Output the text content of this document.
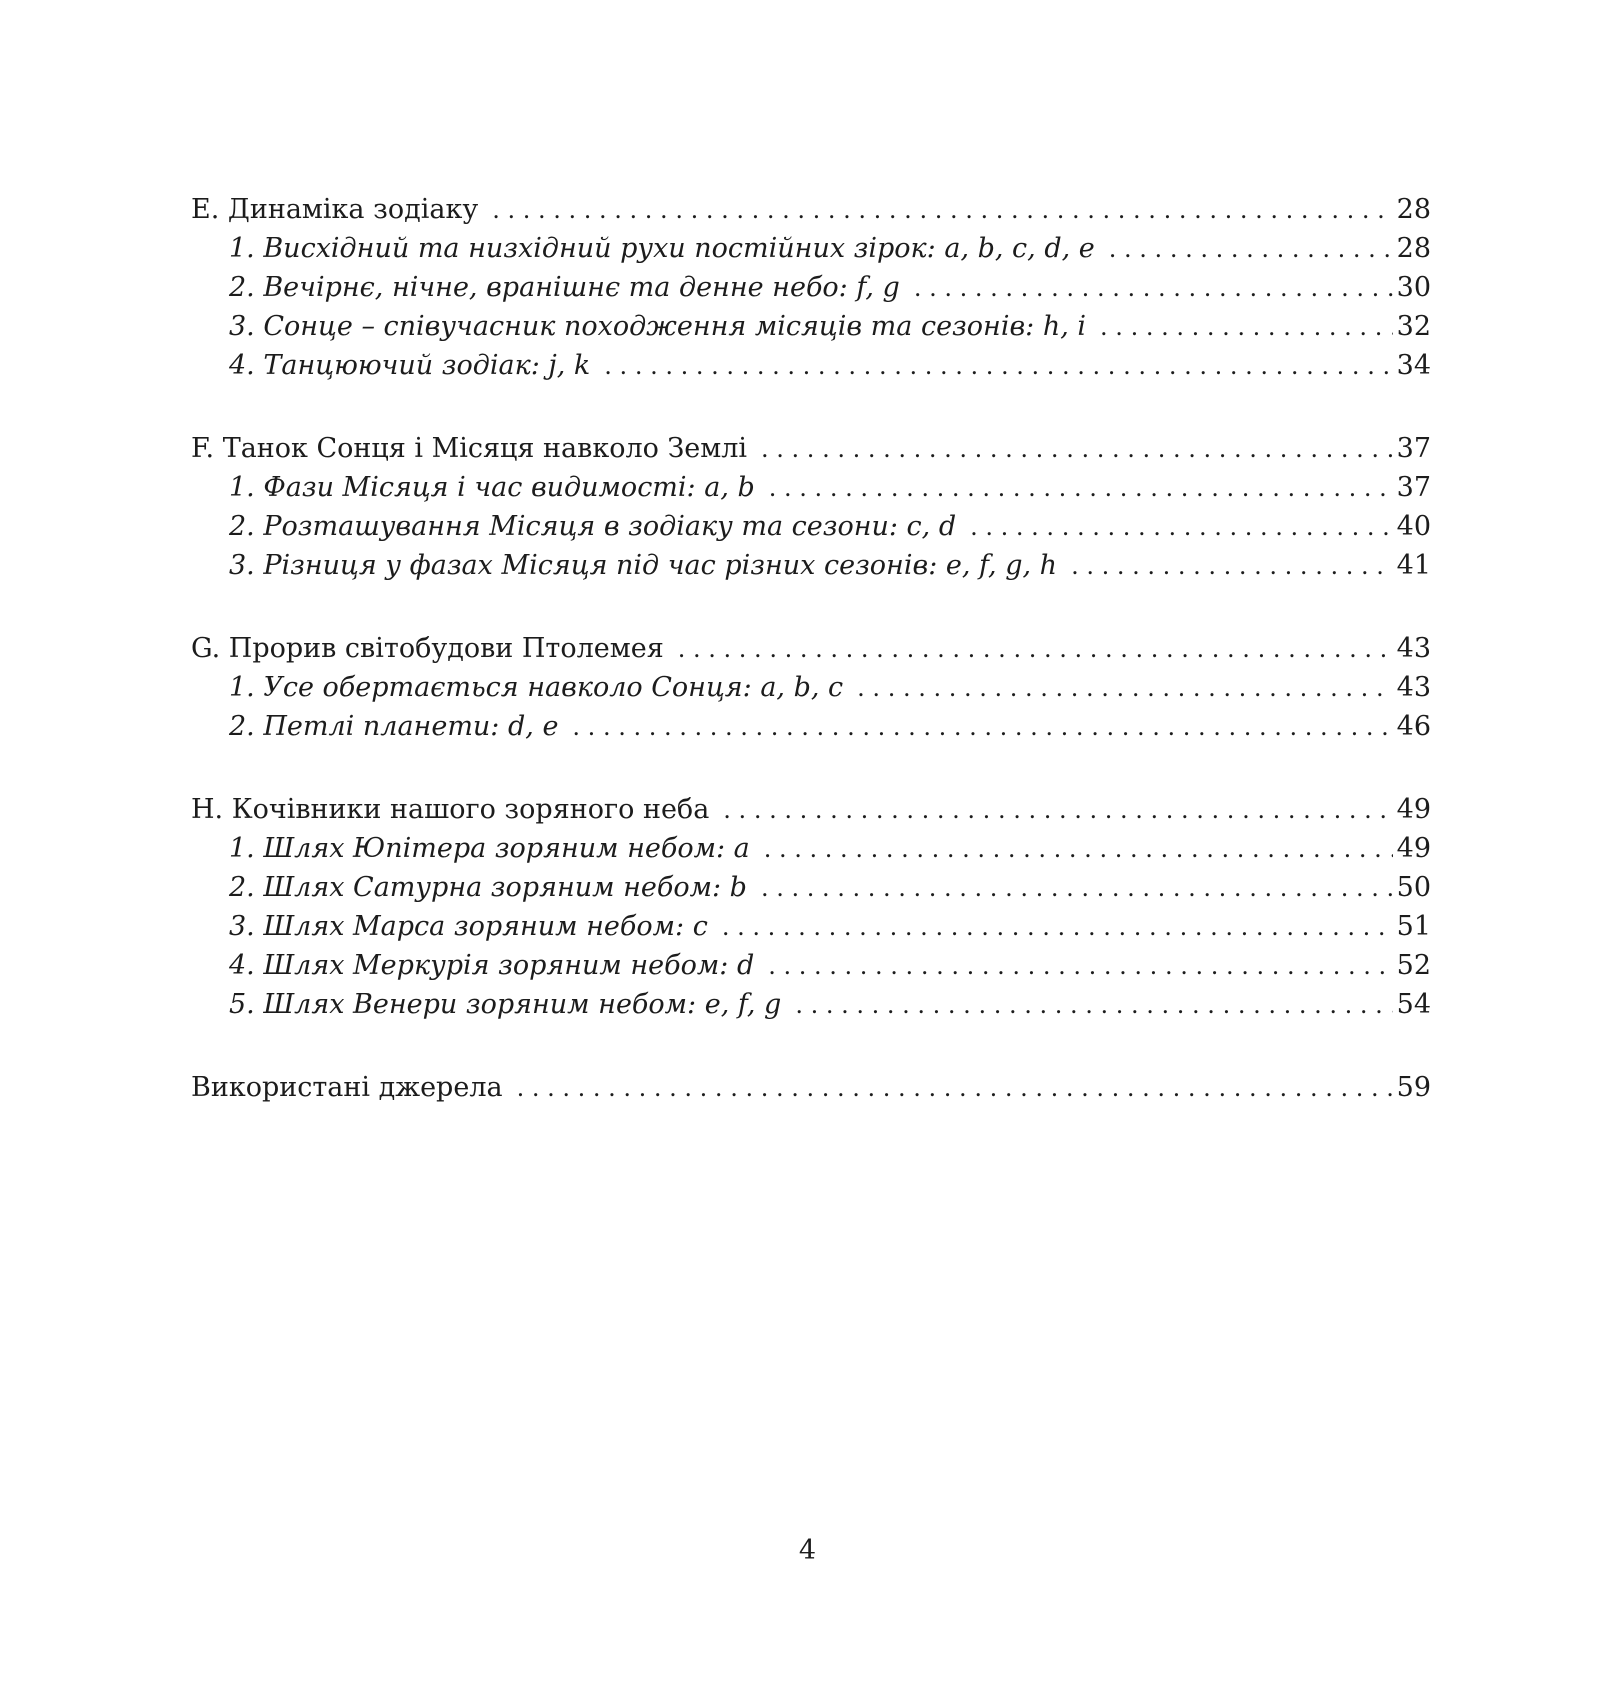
E. Динаміка зодіаку . . .	28
1. Висхідний та низхідний рухи постійних зірок: a, b, c, d, e . . .	28
2. Вечірнє, нічне, вранішнє та денне небо: f, g . . .	30
3. Сонце – співучасник походження місяців та сезонів: h, i . . .	32
4. Танцюючий зодіак: j, k . . .	34
F. Танок Сонця і Місяця навколо Землі . . .	37
1. Фази Місяця і час видимості: a, b . . .	37
2. Розташування Місяця в зодіаку та сезони: c, d . . .	40
3. Різниця у фазах Місяця під час різних сезонів: e, f, g, h . . .	41
G. Прорив світобудови Птолемея . . .	43
1. Усе обертається навколо Сонця: a, b, c . . .	43
2. Петлі планети: d, e . . .	46
H. Кочівники нашого зоряного неба . . .	49
1. Шлях Юпітера зоряним небом: a . . .	49
2. Шлях Сатурна зоряним небом: b . . .	50
3. Шлях Марса зоряним небом: c . . .	51
4. Шлях Меркурія зоряним небом: d . . .	52
5. Шлях Венери зоряним небом: e, f, g . . .	54
Використані джерела . . .	59
4
